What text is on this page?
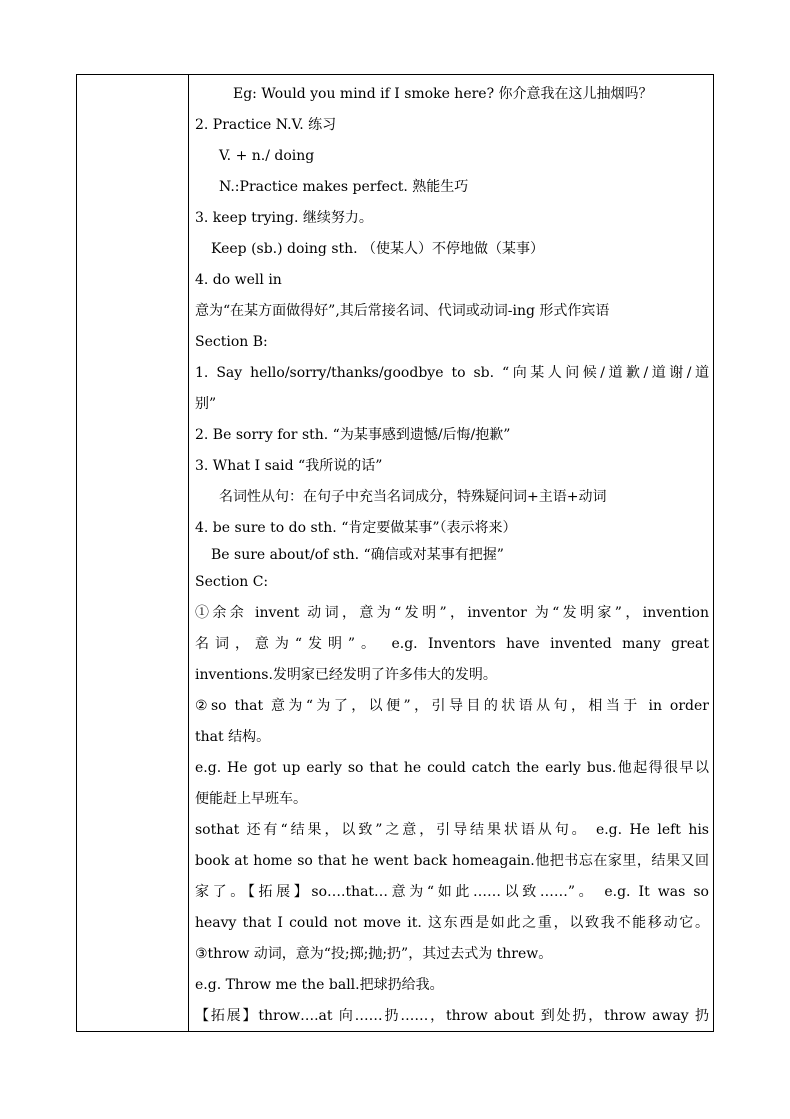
Eg: Would you mind if I smoke here? 你介意我在这儿抽烟吗？
2. Practice N.V. 练习
V. + n./ doing
N.:Practice makes perfect. 熟能生巧
3. keep trying. 继续努力。
Keep (sb.) doing sth. （使某人）不停地做（某事）
4. do well in
意为“在某方面做得好”,其后常接名词、代词或动词-ing 形式作宾语
Section B:
1. Say hello/sorry/thanks/goodbye to sb. “向某人问候/道歉/道谢/道
别”
2. Be sorry for sth. “为某事感到遗憾/后悔/抱歉”
3. What I said “我所说的话”
名词性从句：在句子中充当名词成分，特殊疑问词+主语+动词
4. be sure to do sth. “肯定要做某事”（表示将来）
Be sure about/of sth. “确信或对某事有把握”
Section C:
①余余 invent 动词，意为“发明”，inventor 为“发明家”，invention
名词，意为“发明”。 e.g. Inventors have invented many great
inventions.发明家已经发明了许多伟大的发明。
②so that 意为“为了，以便”，引导目的状语从句，相当于 in order
that 结构。
e.g. He got up early so that he could catch the early bus.他起得很早以
便能赶上早班车。
sothat 还有“结果，以致”之意，引导结果状语从句。 e.g. He left his
book at home so that he went back homeagain.他把书忘在家里，结果又回
家了。【拓展】so….that…意为“如此……以致……”。 e.g. It was so
heavy that I could not move it. 这东西是如此之重，以致我不能移动它。
③throw 动词，意为“投;掷;抛;扔”，其过去式为 threw。
e.g. Throw me the ball.把球扔给我。
【拓展】throw….at 向……扔……，throw about 到处扔，throw away 扔
